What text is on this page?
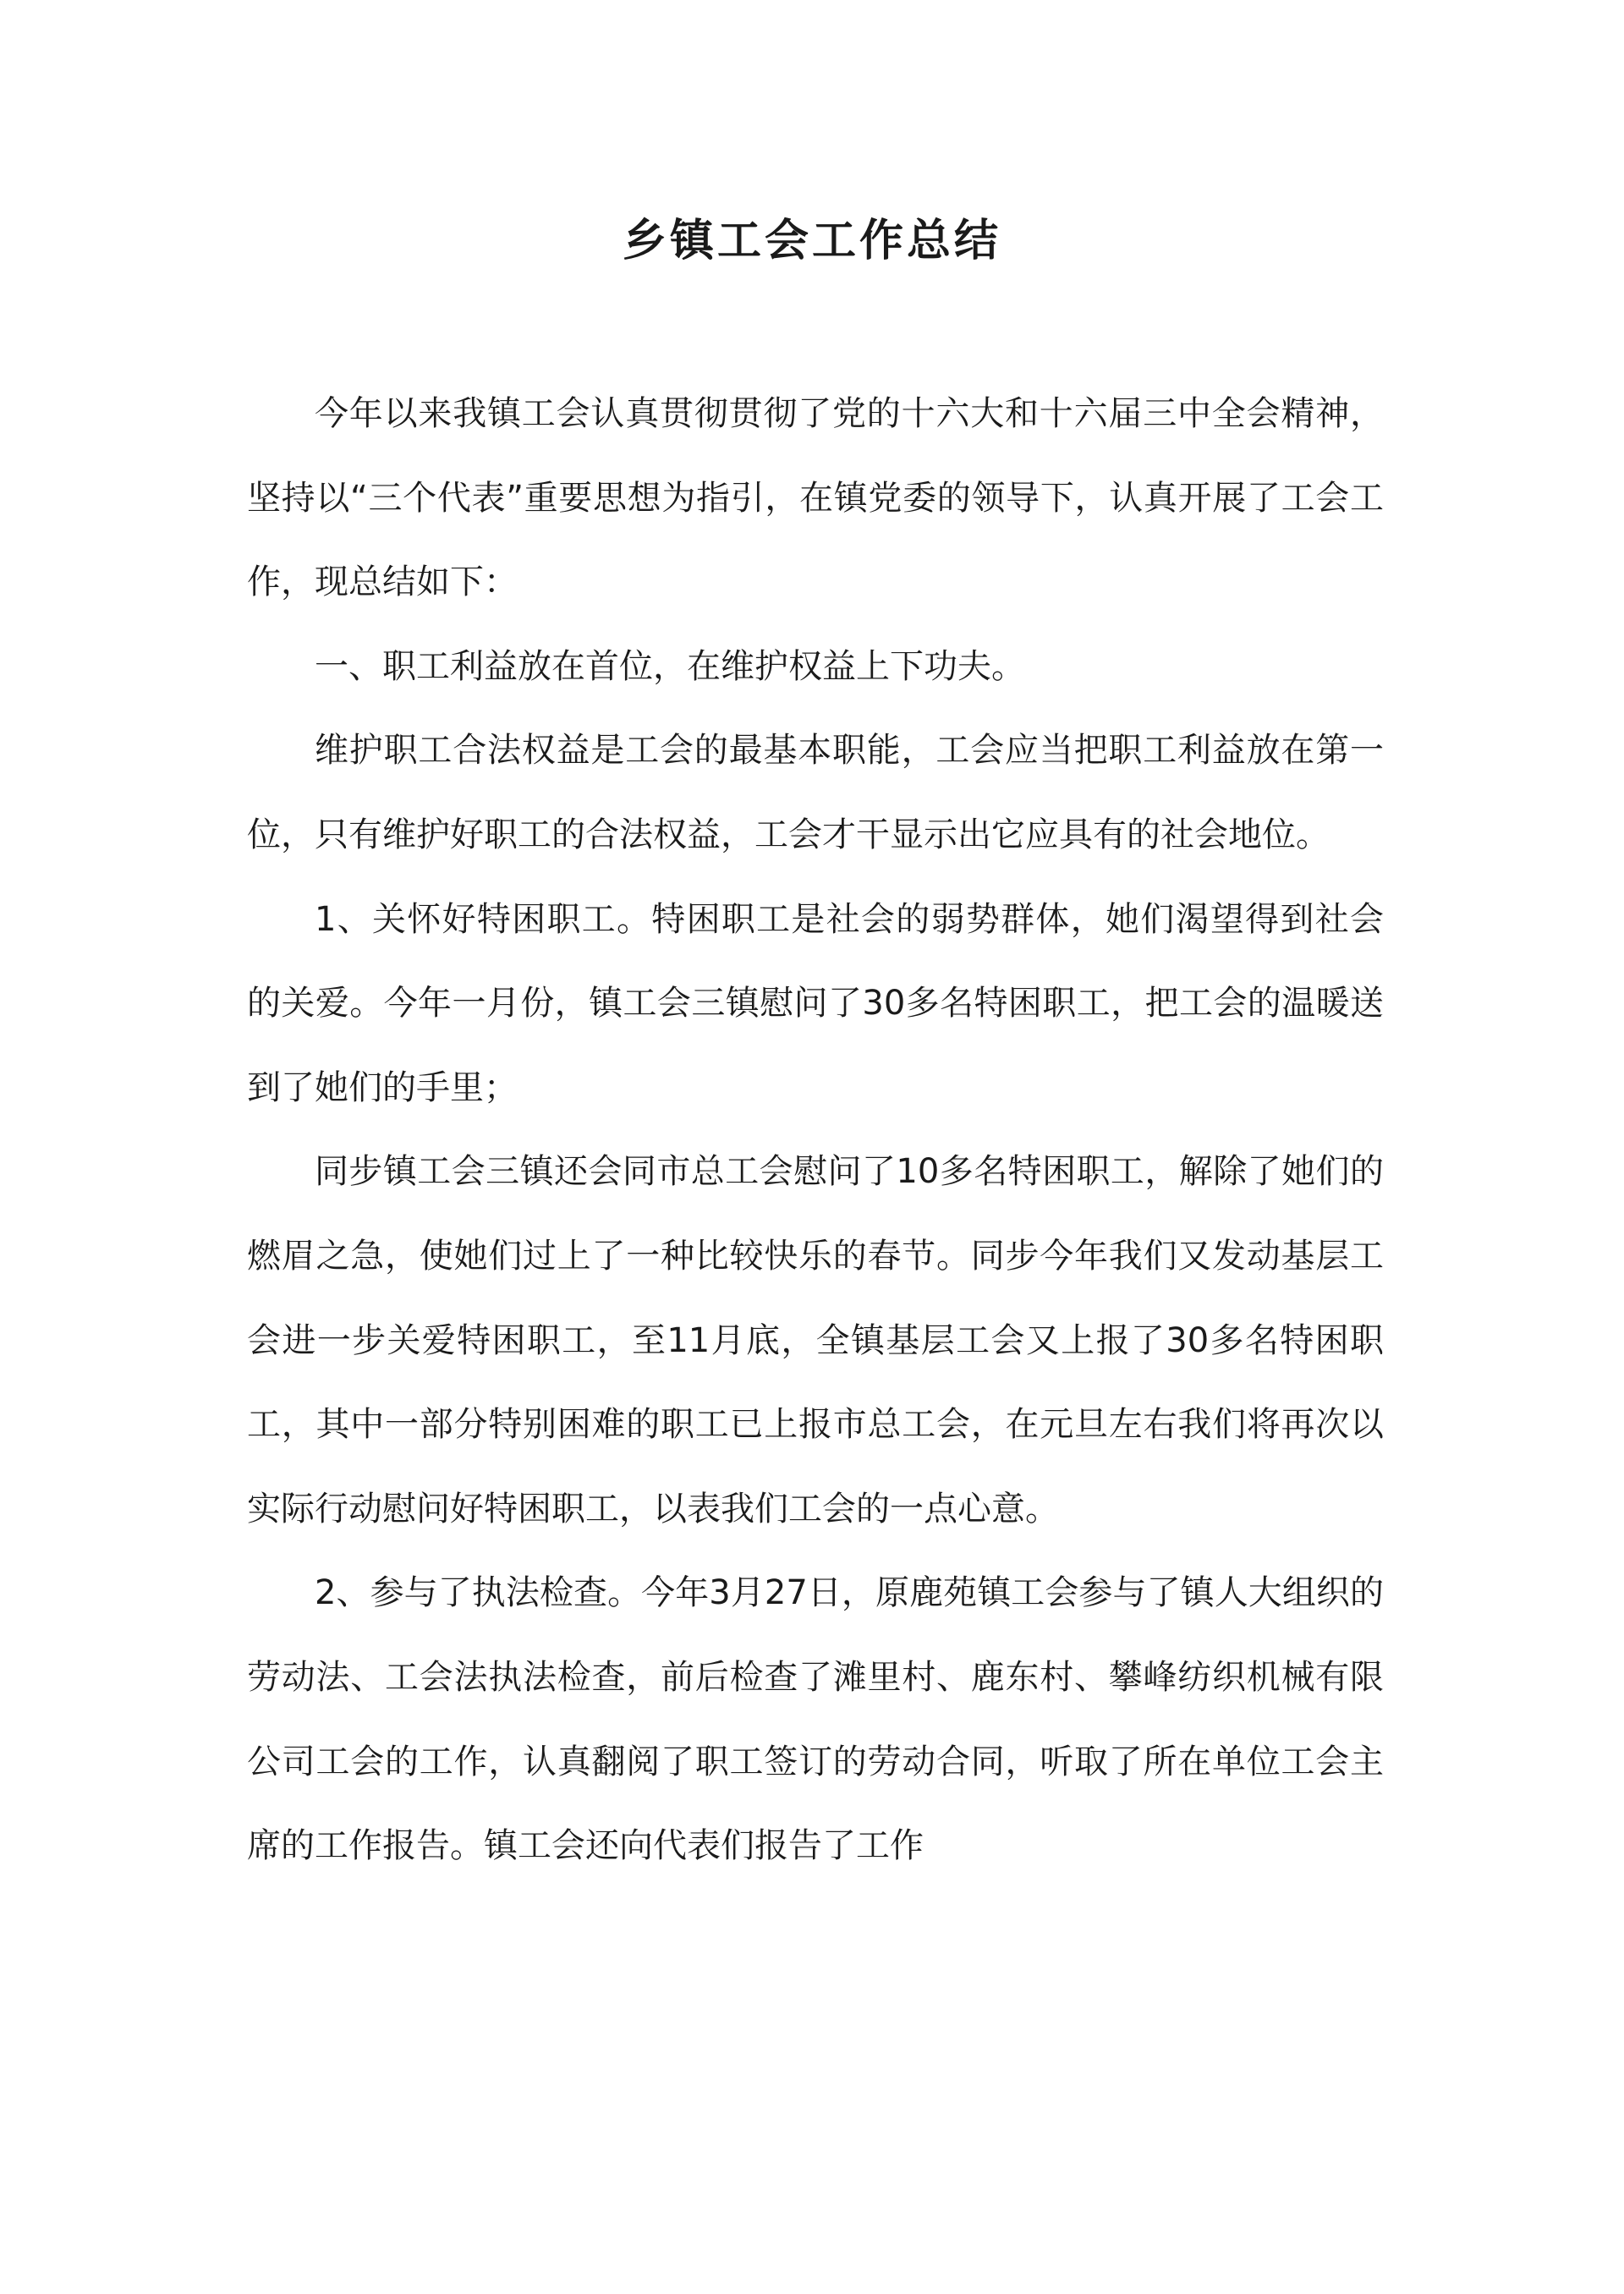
乡镇工会工作总结

今年以来我镇工会认真贯彻贯彻了党的十六大和十六届三中全会精神，坚持以“三个代表”重要思想为指引，在镇党委的领导下，认真开展了工会工作，现总结如下：

一、职工利益放在首位，在维护权益上下功夫。

维护职工合法权益是工会的最基本职能，工会应当把职工利益放在第一位，只有维护好职工的合法权益，工会才干显示出它应具有的社会地位。

1、关怀好特困职工。特困职工是社会的弱势群体，她们渴望得到社会的关爱。今年一月份，镇工会三镇慰问了30多名特困职工，把工会的温暖送到了她们的手里；

同步镇工会三镇还会同市总工会慰问了10多名特困职工，解除了她们的燃眉之急，使她们过上了一种比较快乐的春节。同步今年我们又发动基层工会进一步关爱特困职工，至11月底，全镇基层工会又上报了30多名特困职工，其中一部分特别困难的职工已上报市总工会，在元旦左右我们将再次以实际行动慰问好特困职工，以表我们工会的一点心意。

2、参与了执法检查。今年3月27日，原鹿苑镇工会参与了镇人大组织的劳动法、工会法执法检查，前后检查了滩里村、鹿东村、攀峰纺织机械有限公司工会的工作，认真翻阅了职工签订的劳动合同，听取了所在单位工会主席的工作报告。镇工会还向代表们报告了工作
